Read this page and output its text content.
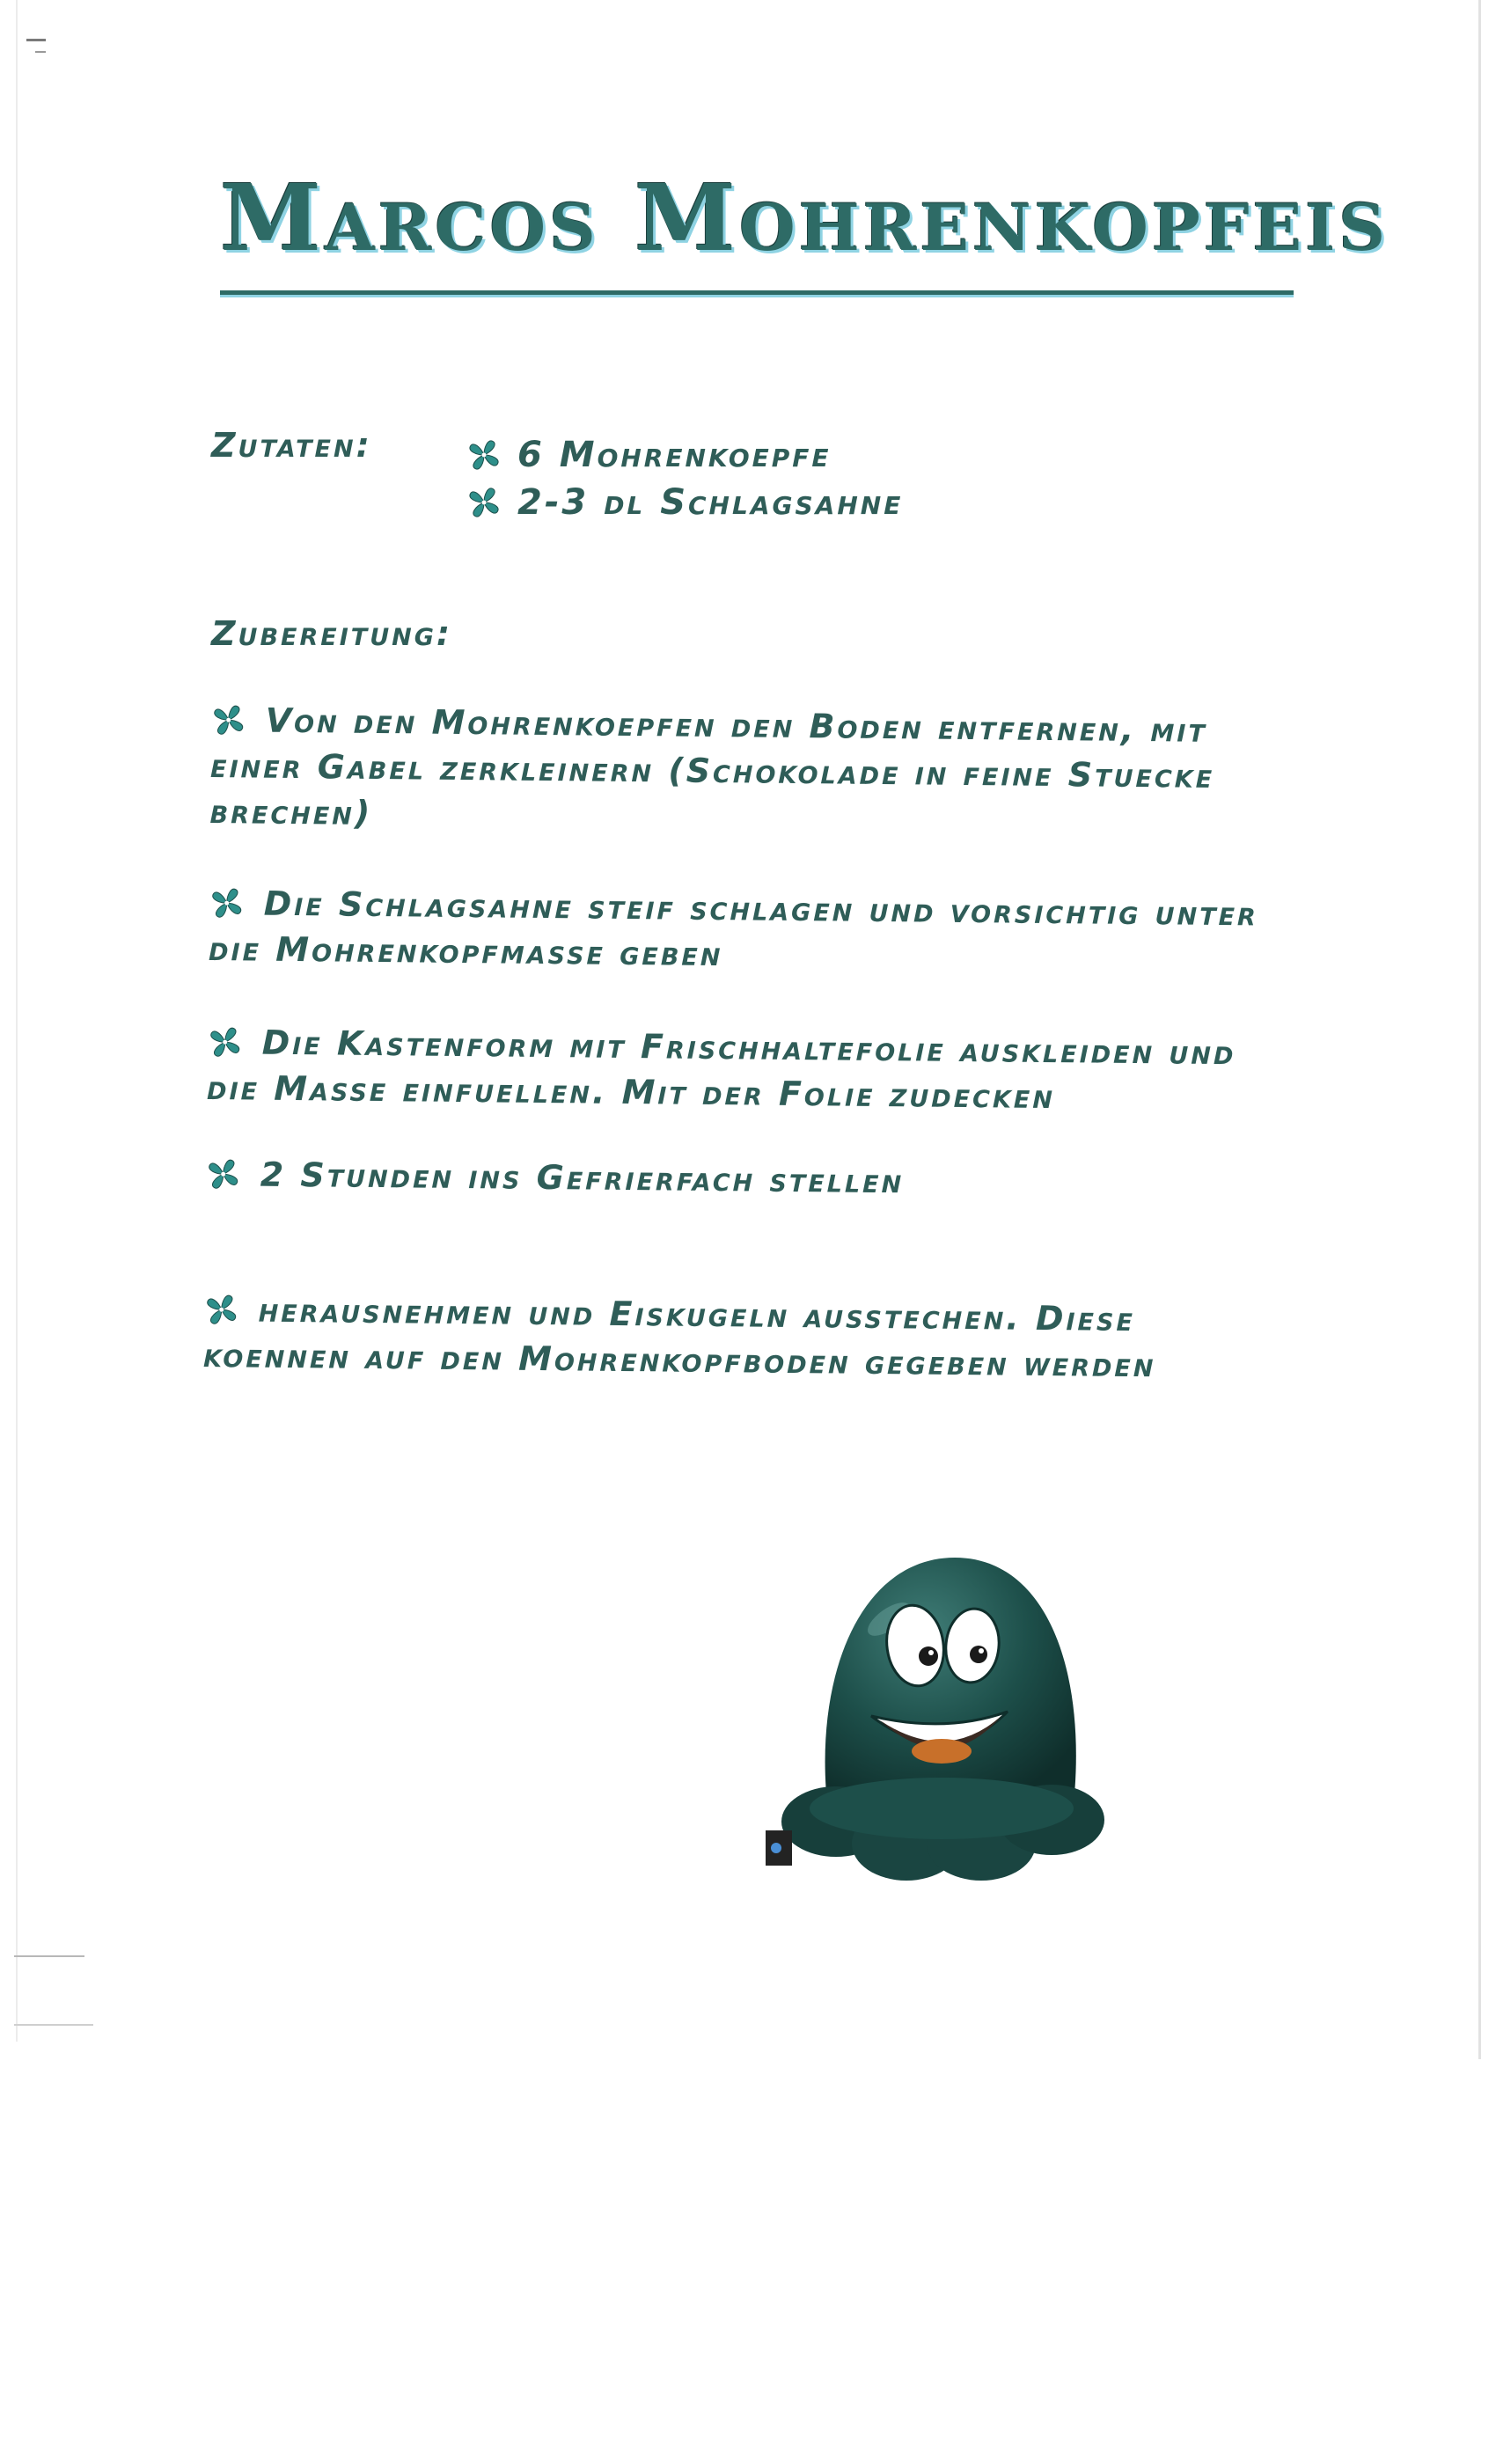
Marcos Mohrenkopfeis
Zutaten:	6 Mohrenkoepfe
2-3 dl Schlagsahne
Zubereitung:
Von den Mohrenkoepfen den Boden entfernen, mit
einer Gabel zerkleinern (Schokolade in feine Stuecke
brechen)
Die Schlagsahne steif schlagen und vorsichtig unter
die Mohrenkopfmasse geben
Die Kastenform mit Frischhaltefolie auskleiden und
die Masse einfuellen. Mit der Folie zudecken
2 Stunden ins Gefrierfach stellen
herausnehmen und Eiskugeln ausstechen. Diese
koennen auf den Mohrenkopfboden gegeben werden
